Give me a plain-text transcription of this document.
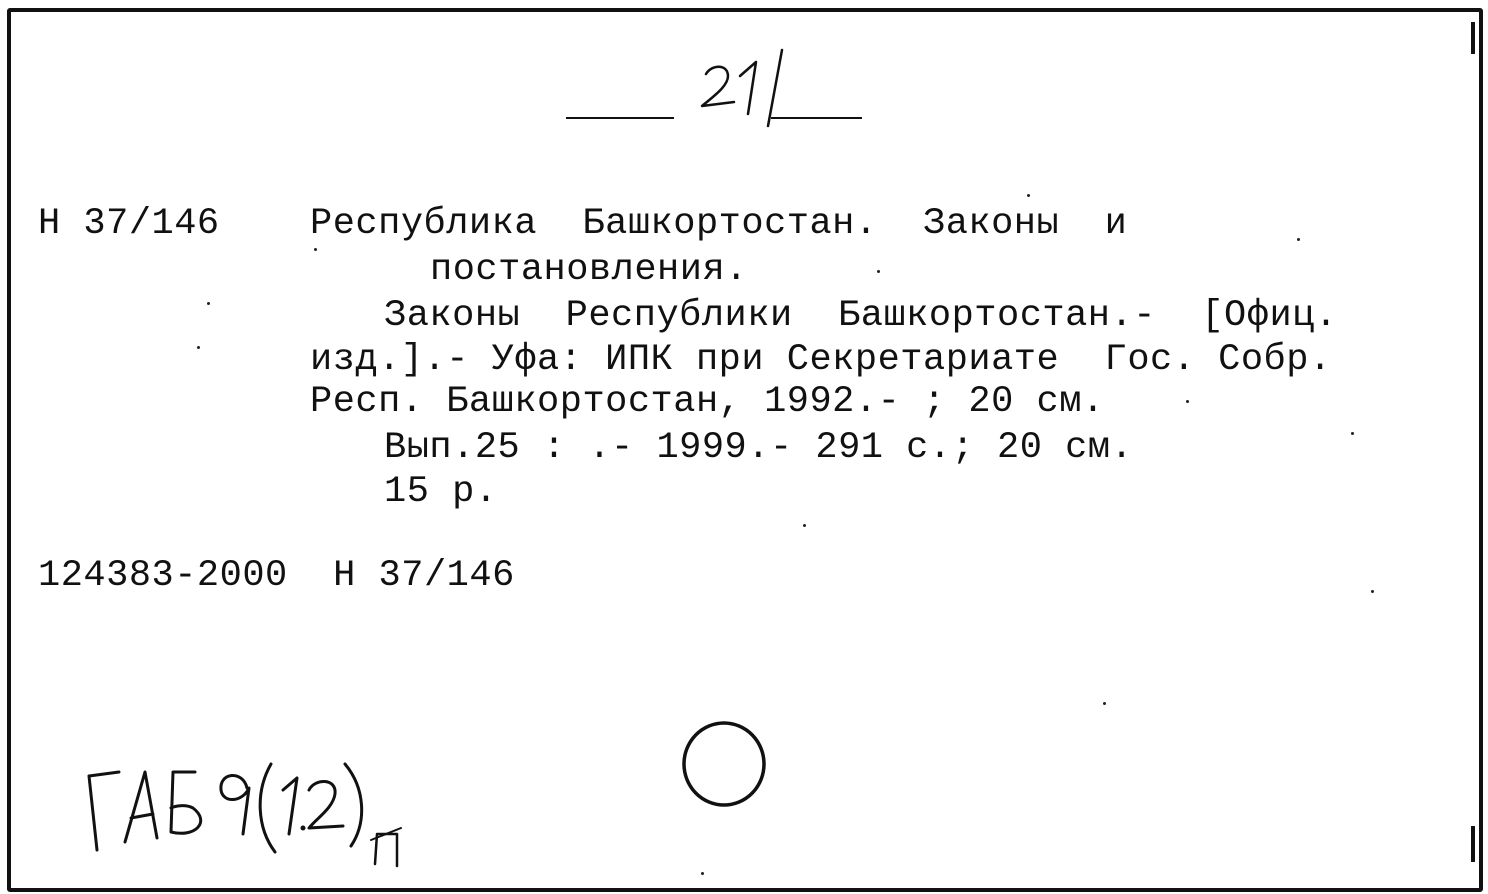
Н 37/146 Республика  Башкортостан.  Законы  и
постановления.
Законы  Республики  Башкортостан.-  [Офиц.
изд.].- Уфа: ИПК при Секретариате  Гос. Собр.
Респ. Башкортостан, 1992.- ; 20 см.
Вып.25 : .- 1999.- 291 с.; 20 см.
15 р.
124383-2000  Н 37/146
